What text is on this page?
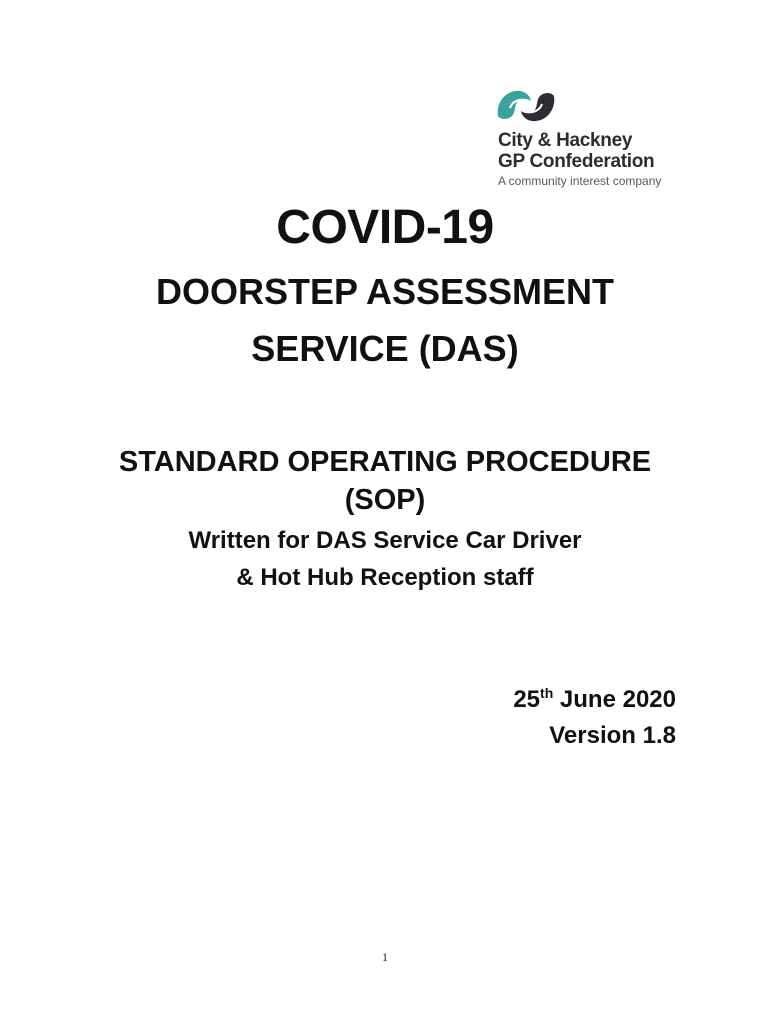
City & Hackney
GP Confederation
A community interest company
COVID-19
DOORSTEP ASSESSMENT
SERVICE (DAS)
STANDARD OPERATING PROCEDURE
(SOP)
Written for DAS Service Car Driver
& Hot Hub Reception staff
25th June 2020
Version 1.8
1
